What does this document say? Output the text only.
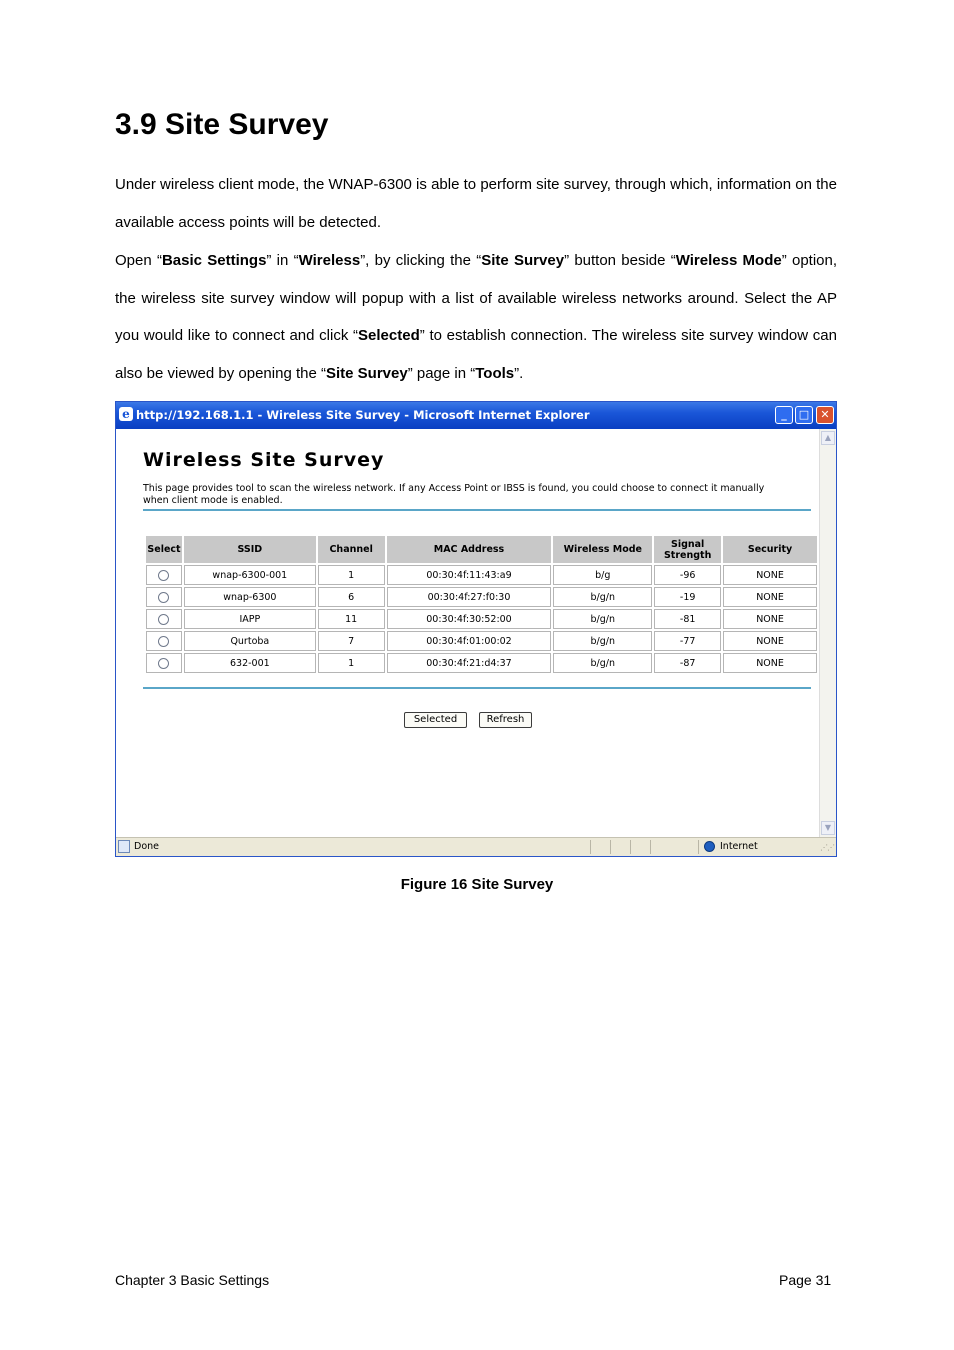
3.9 Site Survey

Under wireless client mode, the WNAP-6300 is able to perform site survey, through which, information on the available access points will be detected.

Open “Basic Settings” in “Wireless”, by clicking the “Site Survey” button beside “Wireless Mode” option, the wireless site survey window will popup with a list of available wireless networks around. Select the AP you would like to connect and click “Selected” to establish connection. The wireless site survey window can also be viewed by opening the “Site Survey” page in “Tools”.

e http://192.168.1.1 - Wireless Site Survey - Microsoft Internet Explorer	_	□	✕
Wireless Site Survey

This page provides tool to scan the wireless network. If any Access Point or IBSS is found, you could choose to connect it manually when client mode is enabled.

Select	SSID	Channel	MAC Address	Wireless Mode	Signal Strength	Security
	wnap-6300-001	1	00:30:4f:11:43:a9	b/g	-96	NONE
	wnap-6300	6	00:30:4f:27:f0:30	b/g/n	-19	NONE
	IAPP	11	00:30:4f:30:52:00	b/g/n	-81	NONE
	Qurtoba	7	00:30:4f:01:00:02	b/g/n	-77	NONE
	632-001	1	00:30:4f:21:d4:37	b/g/n	-87	NONE
Selected	Refresh
▲
▼
Done	Internet	⋰⋰

Figure 16 Site Survey

Chapter 3 Basic Settings	Page 31
